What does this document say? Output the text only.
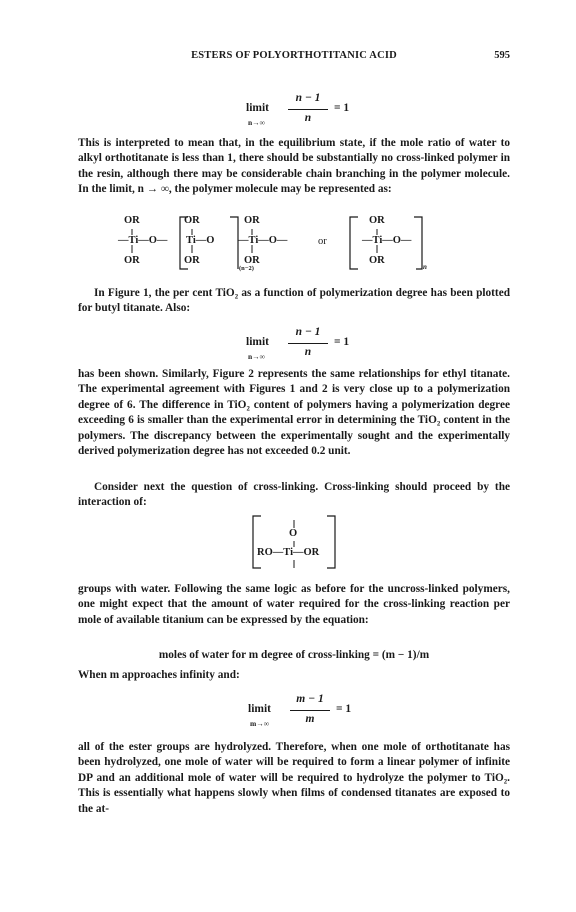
ESTERS OF POLYORTHOTITANIC ACID	595
limit
n→∞
n − 1
n
= 1

This is interpreted to mean that, in the equilibrium state, if the mole ratio of water to alkyl orthotitanate is less than 1, there should be substantially no cross-linked polymer in the resin, although there may be considerable chain branching in the polymer molecule. In the limit, n → ∞, the polymer molecule may be represented as:

OR
—Ti—O—
OR
OR
Ti—O
OR
OR
—Ti—O—
OR
(n−2)
or
OR
—Ti—O—
OR
n

In Figure 1, the per cent TiO₂ as a function of polymerization degree has been plotted for butyl titanate. Also:

limit
n→∞
n − 1
n
= 1

has been shown. Similarly, Figure 2 represents the same relationships for ethyl titanate. The experimental agreement with Figures 1 and 2 is very close up to a polymerization degree of 6. The difference in TiO₂ content of polymers having a polymerization degree exceeding 6 is smaller than the experimental error in determining the TiO₂ content in the polymers. The discrepancy between the experimentally sought and the experimentally derived polymerization degree has not exceeded 0.2 unit.

Consider next the question of cross-linking. Cross-linking should proceed by the interaction of:

O
RO—Ti—OR

groups with water. Following the same logic as before for the uncross-linked polymers, one might expect that the amount of water required for the cross-linking reaction per mole of available titanium can be expressed by the equation:

moles of water for m degree of cross-linking = (m − 1)/m

When m approaches infinity and:

limit
m→∞
m − 1
m
= 1

all of the ester groups are hydrolyzed. Therefore, when one mole of orthotitanate has been hydrolyzed, one mole of water will be required to form a linear polymer of infinite DP and an additional mole of water will be required to hydrolyze the polymer to TiO₂. This is essentially what happens slowly when films of condensed titanates are exposed to the at-
